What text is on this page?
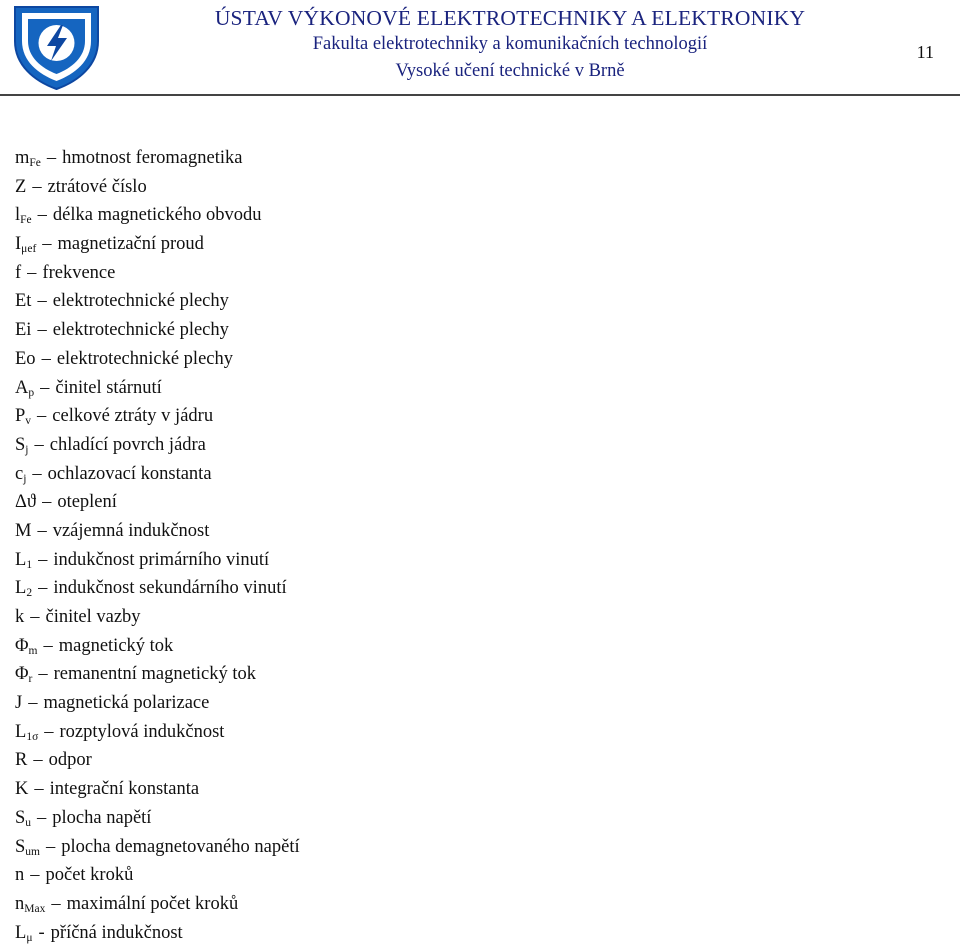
ÚSTAV VÝKONOVÉ ELEKTROTECHNIKY A ELEKTRONIKY
Fakulta elektrotechniky a komunikačních technologií
Vysoké učení technické v Brně
11
$m_{Fe}$ – hmotnost feromagnetika
Z – ztrátové číslo
$l_{Fe}$ – délka magnetického obvodu
$I_{\mu ef}$ – magnetizační proud
f – frekvence
Et – elektrotechnické plechy
Ei – elektrotechnické plechy
Eo – elektrotechnické plechy
$A_p$ – činitel stárnutí
$P_v$ – celkové ztráty v jádru
$S_j$ – chladící povrch jádra
$c_j$ – ochlazovací konstanta
Δϑ – oteplení
M – vzájemná indukčnost
$L_1$ – indukčnost primárního vinutí
$L_2$ – indukčnost sekundárního vinutí
k – činitel vazby
$\Phi_m$ – magnetický tok
$\Phi_r$ – remanentní magnetický tok
J – magnetická polarizace
$L_{1\sigma}$ – rozptylová indukčnost
R – odpor
K – integrační konstanta
$S_u$ – plocha napětí
$S_{um}$ – plocha demagnetovaného napětí
n – počet kroků
$n_{Max}$ – maximální počet kroků
$L_\mu$ - příčná indukčnost
